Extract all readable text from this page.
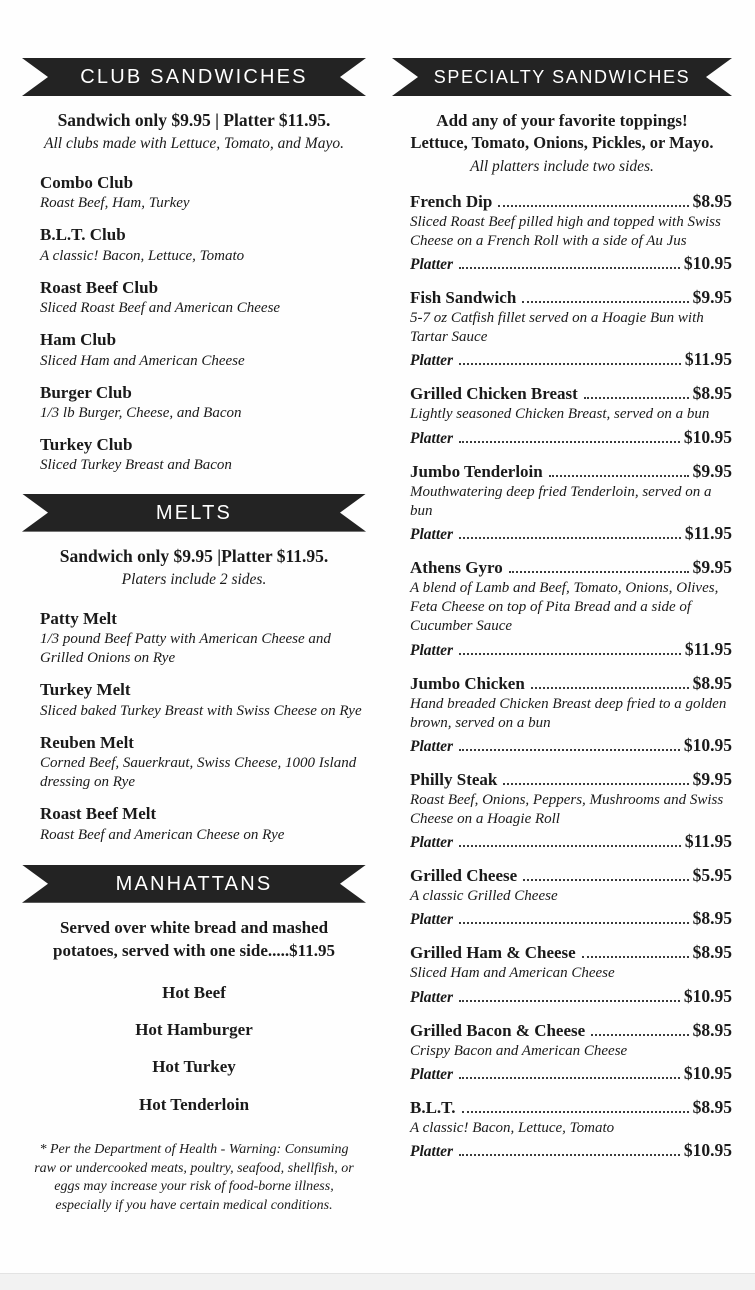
CLUB SANDWICHES
Sandwich only $9.95 | Platter $11.95.
All clubs made with Lettuce, Tomato, and Mayo.
Combo Club
Roast Beef, Ham, Turkey
B.L.T. Club
A classic! Bacon, Lettuce, Tomato
Roast Beef Club
Sliced Roast Beef and American Cheese
Ham Club
Sliced Ham and American Cheese
Burger Club
1/3 lb Burger, Cheese, and Bacon
Turkey Club
Sliced Turkey Breast and Bacon
MELTS
Sandwich only $9.95 |Platter $11.95.
Platers include 2 sides.
Patty Melt
1/3 pound Beef Patty with American Cheese and Grilled Onions on Rye
Turkey Melt
Sliced baked Turkey Breast with Swiss Cheese on Rye
Reuben Melt
Corned Beef, Sauerkraut, Swiss Cheese, 1000 Island dressing on Rye
Roast Beef Melt
Roast Beef and American Cheese on Rye
MANHATTANS
Served over white bread and mashed potatoes, served with one side.....$11.95
Hot Beef
Hot Hamburger
Hot Turkey
Hot Tenderloin
* Per the Department of Health - Warning: Consuming raw or undercooked meats, poultry, seafood, shellfish, or eggs may increase your risk of food-borne illness, especially if you have certain medical conditions.
SPECIALTY SANDWICHES
Add any of your favorite toppings!
Lettuce, Tomato, Onions, Pickles, or Mayo.
All platters include two sides.
French Dip	$8.95
Sliced Roast Beef pilled high and topped with Swiss Cheese on a French Roll with a side of Au Jus
Platter	$10.95
Fish Sandwich	$9.95
5-7 oz Catfish fillet served on a Hoagie Bun with Tartar Sauce
Platter	$11.95
Grilled Chicken Breast	$8.95
Lightly seasoned Chicken Breast, served on a bun
Platter	$10.95
Jumbo Tenderloin	$9.95
Mouthwatering deep fried Tenderloin, served on a bun
Platter	$11.95
Athens Gyro	$9.95
A blend of Lamb and Beef, Tomato, Onions, Olives, Feta Cheese on top of Pita Bread and a side of Cucumber Sauce
Platter	$11.95
Jumbo Chicken	$8.95
Hand breaded Chicken Breast deep fried to a golden brown, served on a bun
Platter	$10.95
Philly Steak	$9.95
Roast Beef, Onions, Peppers, Mushrooms and Swiss Cheese on a Hoagie Roll
Platter	$11.95
Grilled Cheese	$5.95
A classic Grilled Cheese
Platter	$8.95
Grilled Ham & Cheese	$8.95
Sliced Ham and American Cheese
Platter	$10.95
Grilled Bacon & Cheese	$8.95
Crispy Bacon and American Cheese
Platter	$10.95
B.L.T.	$8.95
A classic! Bacon, Lettuce, Tomato
Platter	$10.95
